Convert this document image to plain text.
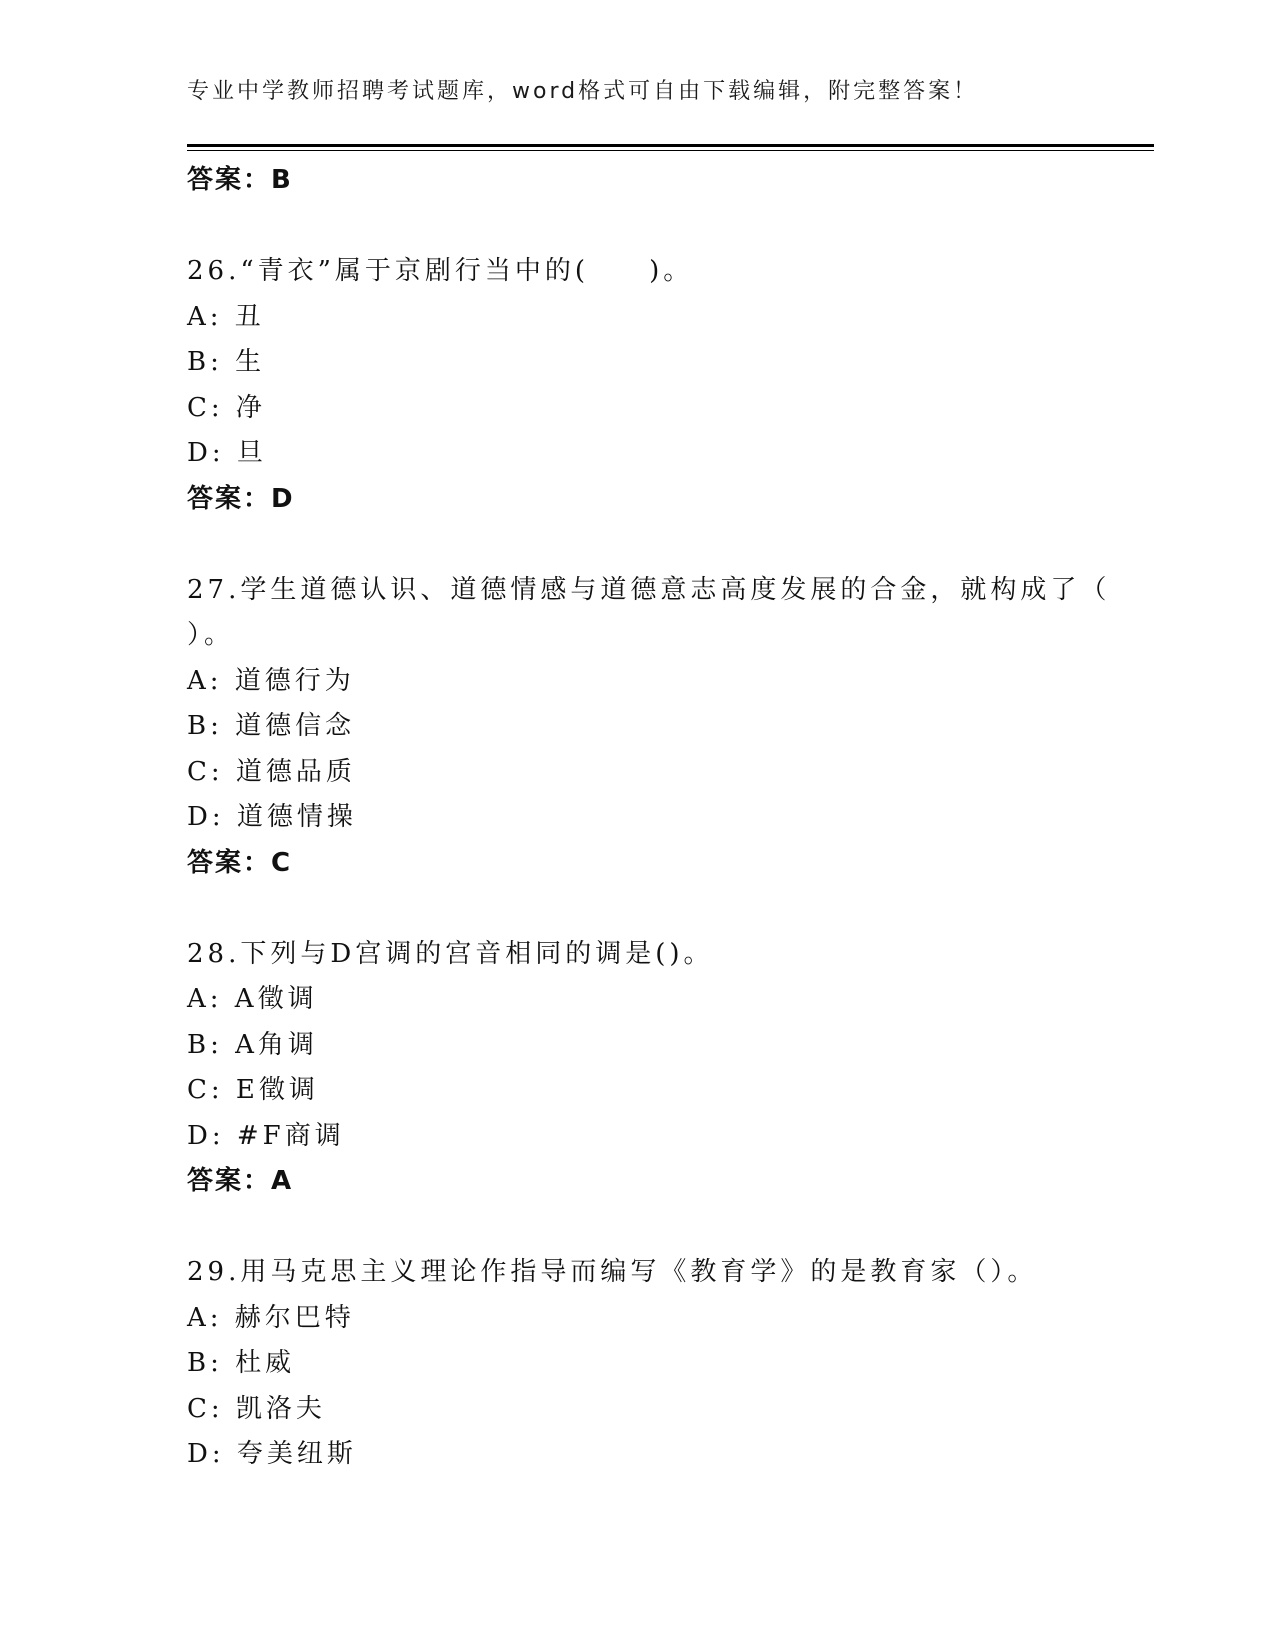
专业中学教师招聘考试题库，word格式可自由下载编辑，附完整答案！
答案：B
26.“青衣”属于京剧行当中的(　　)。
A: 丑
B: 生
C: 净
D: 旦
答案：D
27.学生道德认识、道德情感与道德意志高度发展的合金，就构成了（
）。
A: 道德行为
B: 道德信念
C: 道德品质
D: 道德情操
答案：C
28.下列与D宫调的宫音相同的调是()。
A: A徵调
B: A角调
C: E徵调
D: #F商调
答案：A
29.用马克思主义理论作指导而编写《教育学》的是教育家（）。
A: 赫尔巴特
B: 杜威
C: 凯洛夫
D: 夸美纽斯
